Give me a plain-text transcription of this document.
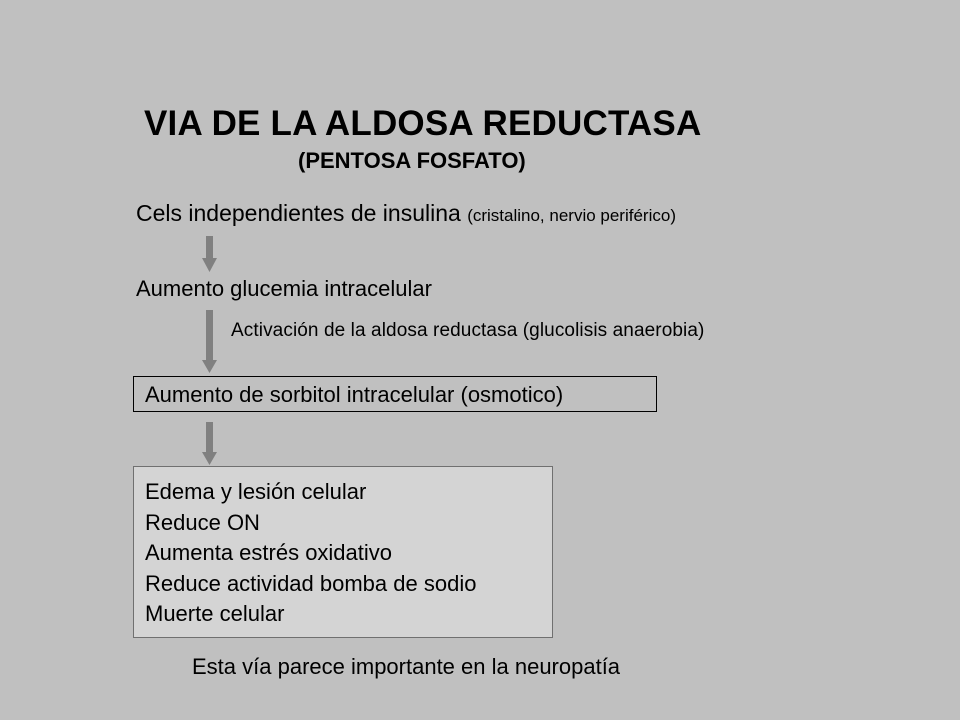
VIA DE LA ALDOSA REDUCTASA
(PENTOSA FOSFATO)
Cels independientes de insulina (cristalino, nervio periférico)
Aumento glucemia intracelular
Activación de la aldosa reductasa (glucolisis anaerobia)
Aumento de sorbitol intracelular (osmotico)
Edema y lesión celular
Reduce ON
Aumenta estrés oxidativo
Reduce actividad bomba de sodio
Muerte celular
Esta vía parece importante en la neuropatía
